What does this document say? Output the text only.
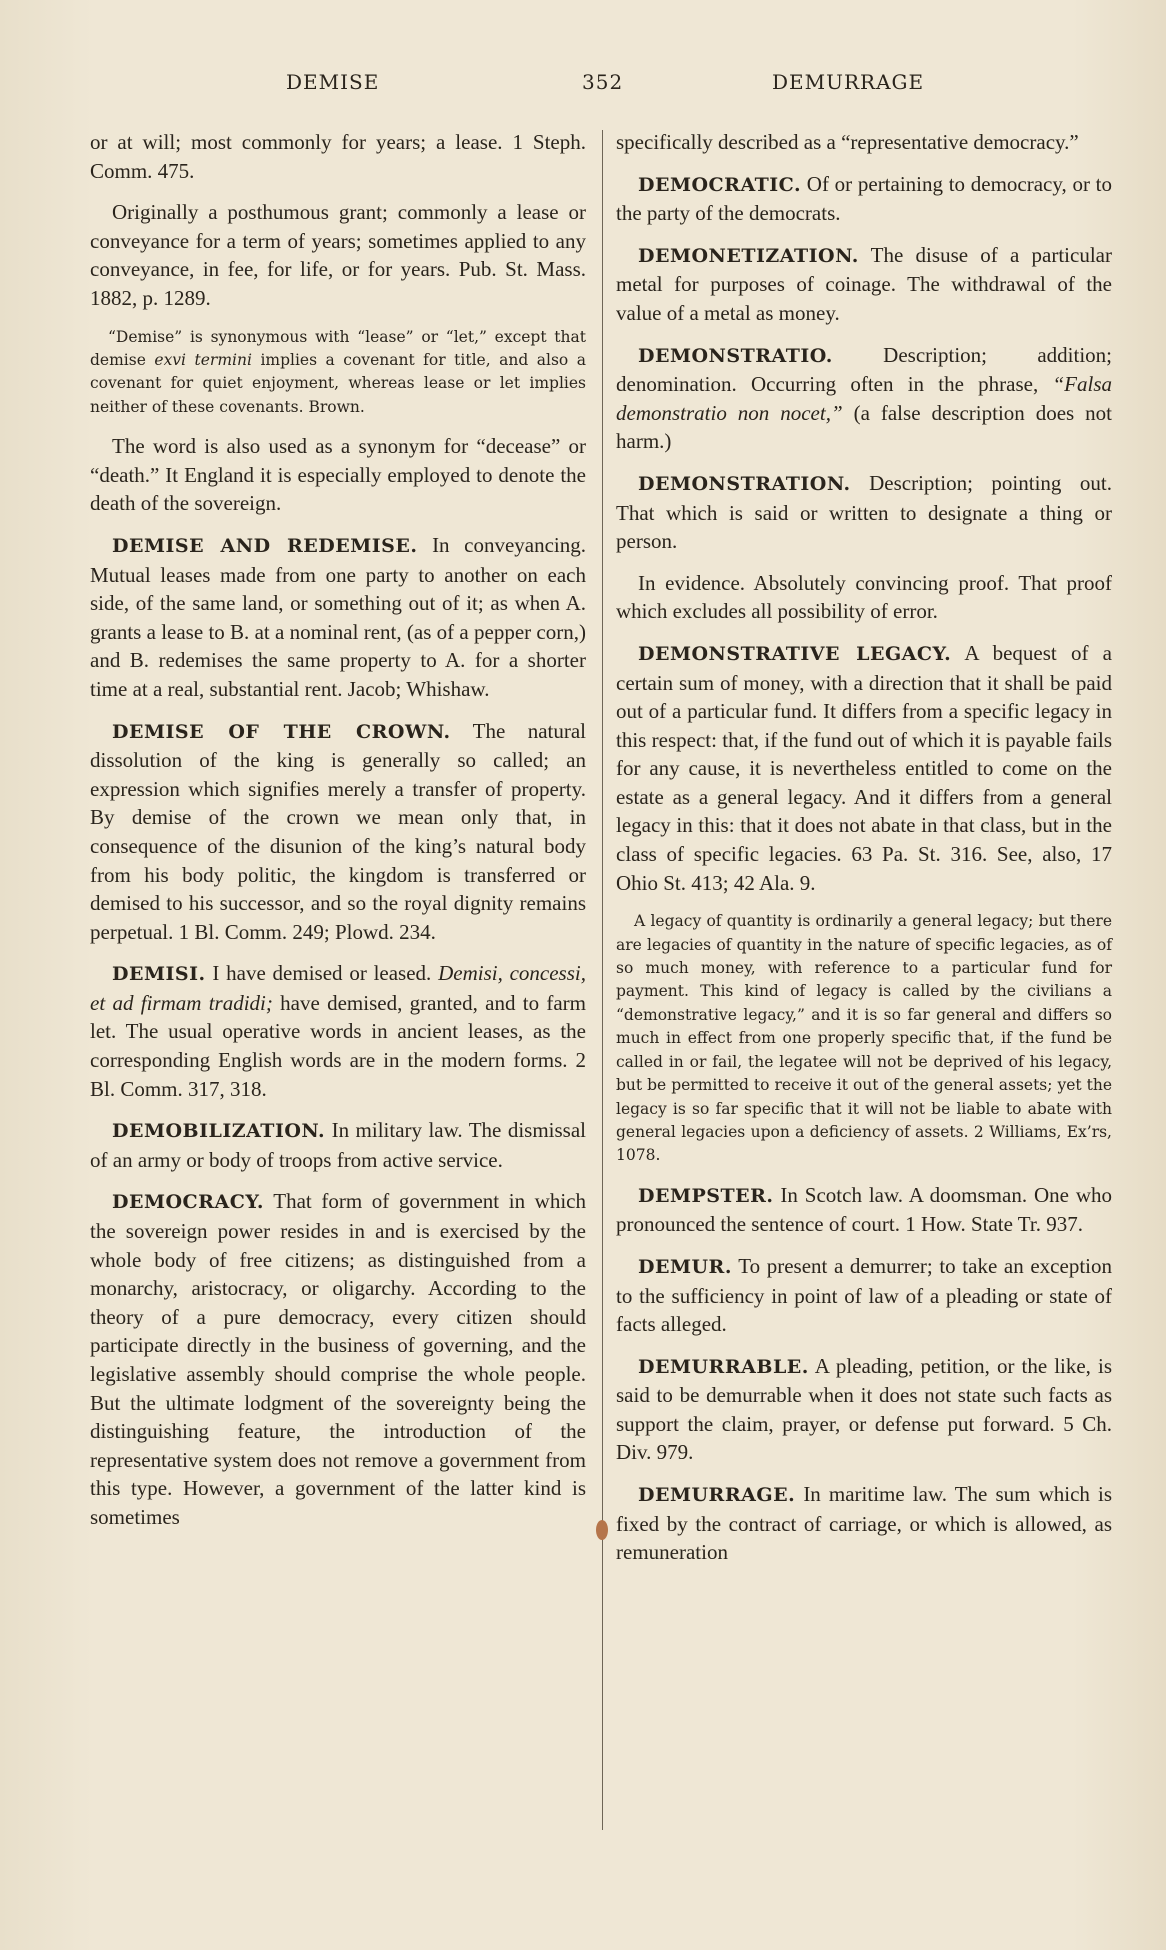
DEMISE	352	DEMURRAGE

or at will; most commonly for years; a lease. 1 Steph. Comm. 475.

Originally a posthumous grant; commonly a lease or conveyance for a term of years; sometimes applied to any conveyance, in fee, for life, or for years. Pub. St. Mass. 1882, p. 1289.

“Demise” is synonymous with “lease” or “let,” except that demise exvi termini implies a covenant for title, and also a covenant for quiet enjoyment, whereas lease or let implies neither of these covenants. Brown.

The word is also used as a synonym for “decease” or “death.” It England it is especially employed to denote the death of the sovereign.

DEMISE AND REDEMISE. In conveyancing. Mutual leases made from one party to another on each side, of the same land, or something out of it; as when A. grants a lease to B. at a nominal rent, (as of a pepper corn,) and B. redemises the same property to A. for a shorter time at a real, substantial rent. Jacob; Whishaw.

DEMISE OF THE CROWN. The natural dissolution of the king is generally so called; an expression which signifies merely a transfer of property. By demise of the crown we mean only that, in consequence of the disunion of the king’s natural body from his body politic, the kingdom is transferred or demised to his successor, and so the royal dignity remains perpetual. 1 Bl. Comm. 249; Plowd. 234.

DEMISI. I have demised or leased. Demisi, concessi, et ad firmam tradidi; have demised, granted, and to farm let. The usual operative words in ancient leases, as the corresponding English words are in the modern forms. 2 Bl. Comm. 317, 318.

DEMOBILIZATION. In military law. The dismissal of an army or body of troops from active service.

DEMOCRACY. That form of government in which the sovereign power resides in and is exercised by the whole body of free citizens; as distinguished from a monarchy, aristocracy, or oligarchy. According to the theory of a pure democracy, every citizen should participate directly in the business of governing, and the legislative assembly should comprise the whole people. But the ultimate lodgment of the sovereignty being the distinguishing feature, the introduction of the representative system does not remove a government from this type. However, a government of the latter kind is sometimes

specifically described as a “representative democracy.”

DEMOCRATIC. Of or pertaining to democracy, or to the party of the democrats.

DEMONETIZATION. The disuse of a particular metal for purposes of coinage. The withdrawal of the value of a metal as money.

DEMONSTRATIO. Description; addition; denomination. Occurring often in the phrase, “Falsa demonstratio non nocet,” (a false description does not harm.)

DEMONSTRATION. Description; pointing out. That which is said or written to designate a thing or person.

In evidence. Absolutely convincing proof. That proof which excludes all possibility of error.

DEMONSTRATIVE LEGACY. A bequest of a certain sum of money, with a direction that it shall be paid out of a particular fund. It differs from a specific legacy in this respect: that, if the fund out of which it is payable fails for any cause, it is nevertheless entitled to come on the estate as a general legacy. And it differs from a general legacy in this: that it does not abate in that class, but in the class of specific legacies. 63 Pa. St. 316. See, also, 17 Ohio St. 413; 42 Ala. 9.

A legacy of quantity is ordinarily a general legacy; but there are legacies of quantity in the nature of specific legacies, as of so much money, with reference to a particular fund for payment. This kind of legacy is called by the civilians a “demonstrative legacy,” and it is so far general and differs so much in effect from one properly specific that, if the fund be called in or fail, the legatee will not be deprived of his legacy, but be permitted to receive it out of the general assets; yet the legacy is so far specific that it will not be liable to abate with general legacies upon a deficiency of assets. 2 Williams, Ex’rs, 1078.

DEMPSTER. In Scotch law. A doomsman. One who pronounced the sentence of court. 1 How. State Tr. 937.

DEMUR. To present a demurrer; to take an exception to the sufficiency in point of law of a pleading or state of facts alleged.

DEMURRABLE. A pleading, petition, or the like, is said to be demurrable when it does not state such facts as support the claim, prayer, or defense put forward. 5 Ch. Div. 979.

DEMURRAGE. In maritime law. The sum which is fixed by the contract of carriage, or which is allowed, as remuneration
